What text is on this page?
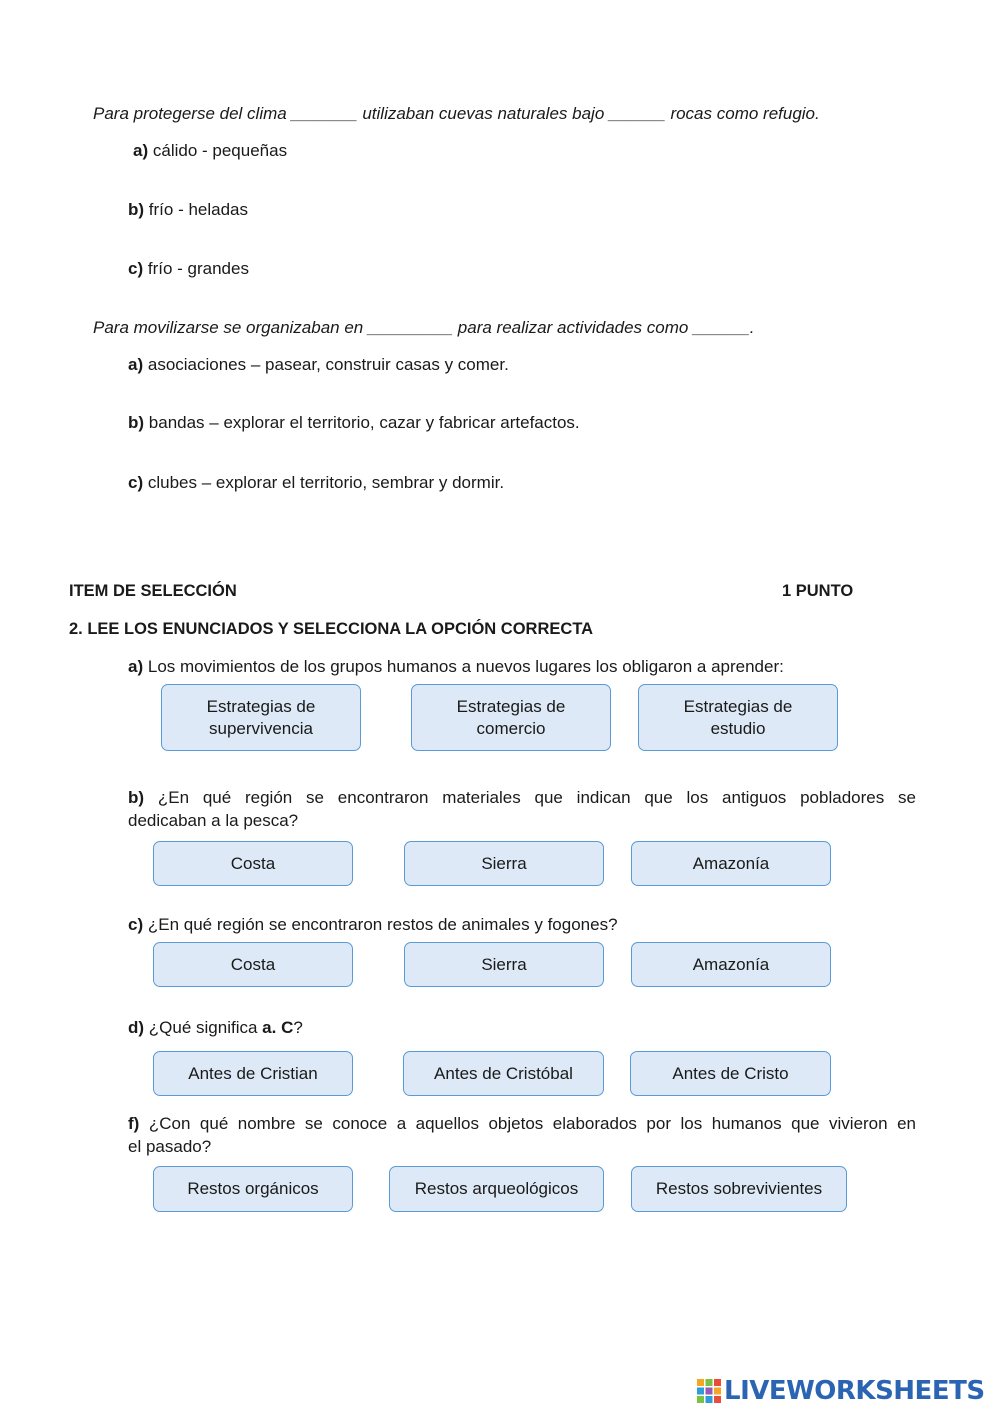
Para protegerse del clima _______ utilizaban cuevas naturales bajo ______ rocas como refugio.
a) cálido - pequeñas
b) frío - heladas
c) frío - grandes
Para movilizarse se organizaban en _________ para realizar actividades como ______.
a) asociaciones – pasear, construir casas y comer.
b) bandas – explorar el territorio, cazar y fabricar artefactos.
c) clubes – explorar el territorio, sembrar y dormir.
ITEM DE SELECCIÓN	1 PUNTO
2. LEE LOS ENUNCIADOS Y SELECCIONA LA OPCIÓN CORRECTA
a) Los movimientos de los grupos humanos a nuevos lugares los obligaron a aprender:
Estrategias de supervivencia
Estrategias de comercio
Estrategias de estudio
b) ¿En qué región se encontraron materiales que indican que los antiguos pobladores se
dedicaban a la pesca?
Costa	Sierra	Amazonía
c) ¿En qué región se encontraron restos de animales y fogones?
Costa	Sierra	Amazonía
d) ¿Qué significa a. C?
Antes de Cristian	Antes de Cristóbal	Antes de Cristo
f) ¿Con qué nombre se conoce a aquellos objetos elaborados por los humanos que vivieron en
el pasado?
Restos orgánicos	Restos arqueológicos	Restos sobrevivientes
LIVEWORKSHEETS
